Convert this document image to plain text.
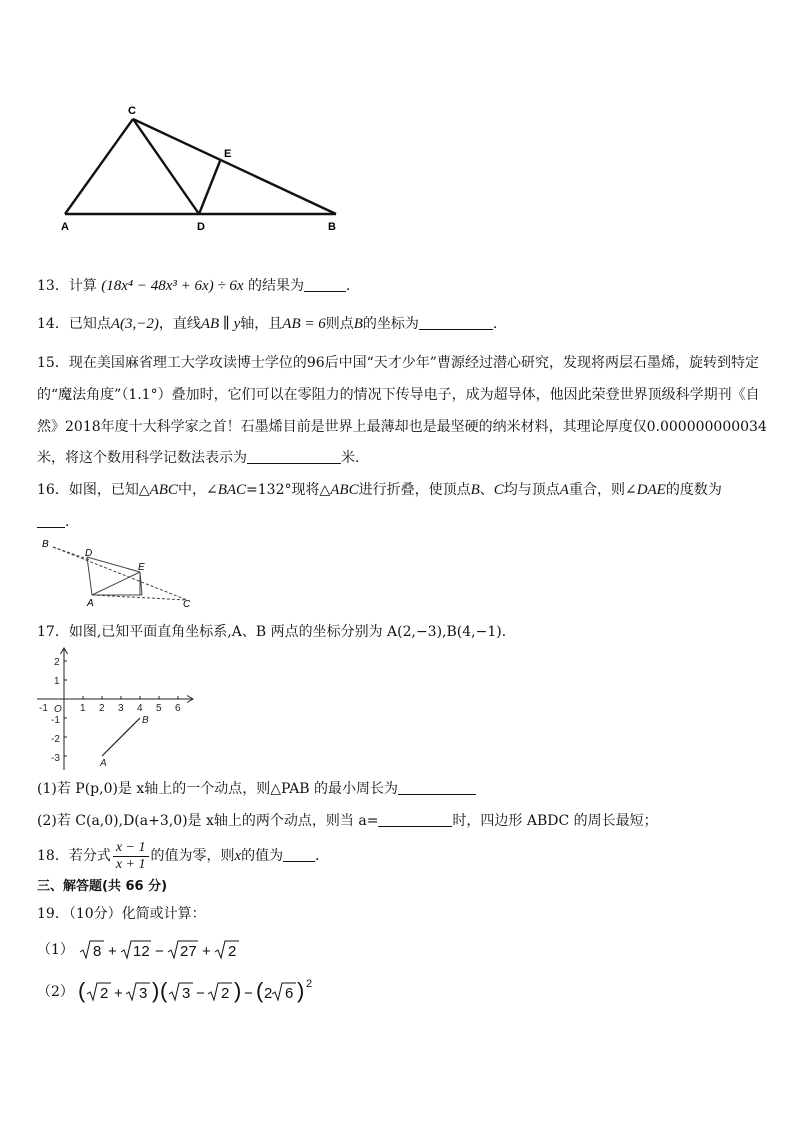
C
E
A	D	B
13．计算 (18x⁴ − 48x³ + 6x) ÷ 6x 的结果为	．
14．已知点A(3,−2)，直线AB ∥ y轴，且AB = 6则点B的坐标为	.
15．现在美国麻省理工大学攻读博士学位的96后中国“天才少年”曹源经过潜心研究，发现将两层石墨烯，旋转到特定
的“魔法角度”（1.1°）叠加时，它们可以在零阻力的情况下传导电子，成为超导体，他因此荣登世界顶级科学期刊《自
然》2018年度十大科学家之首！石墨烯目前是世界上最薄却也是最坚硬的纳米材料，其理论厚度仅0.000000000034
米，将这个数用科学记数法表示为	米.
16．如图，已知△ABC中，∠BAC=132°现将△ABC进行折叠，使顶点B、C均与顶点A重合，则∠DAE的度数为
．
B
D
E
A	C
17．如图,已知平面直角坐标系,A、B 两点的坐标分别为 A(2,−3),B(4,−1)．
-1 O 1 2 3 4 5 6
2
1
-1
-2
-3
B
A
(1)若 P(p,0)是 x轴上的一个动点，则△PAB 的最小周长为
(2)若 C(a,0),D(a+3,0)是 x轴上的两个动点，则当 a=	时，四边形 ABDC 的周长最短；
18．若分式 $\frac{x - 1}{x + 1}$ 的值为零，则x的值为 ．
三、解答题(共 66 分)
19．（10分）化简或计算：
（1） 8 + 12 − 27 + 2
（2） ( 2 + 3 ) ( 3 − 2 ) − ( 2 6 ) 2
